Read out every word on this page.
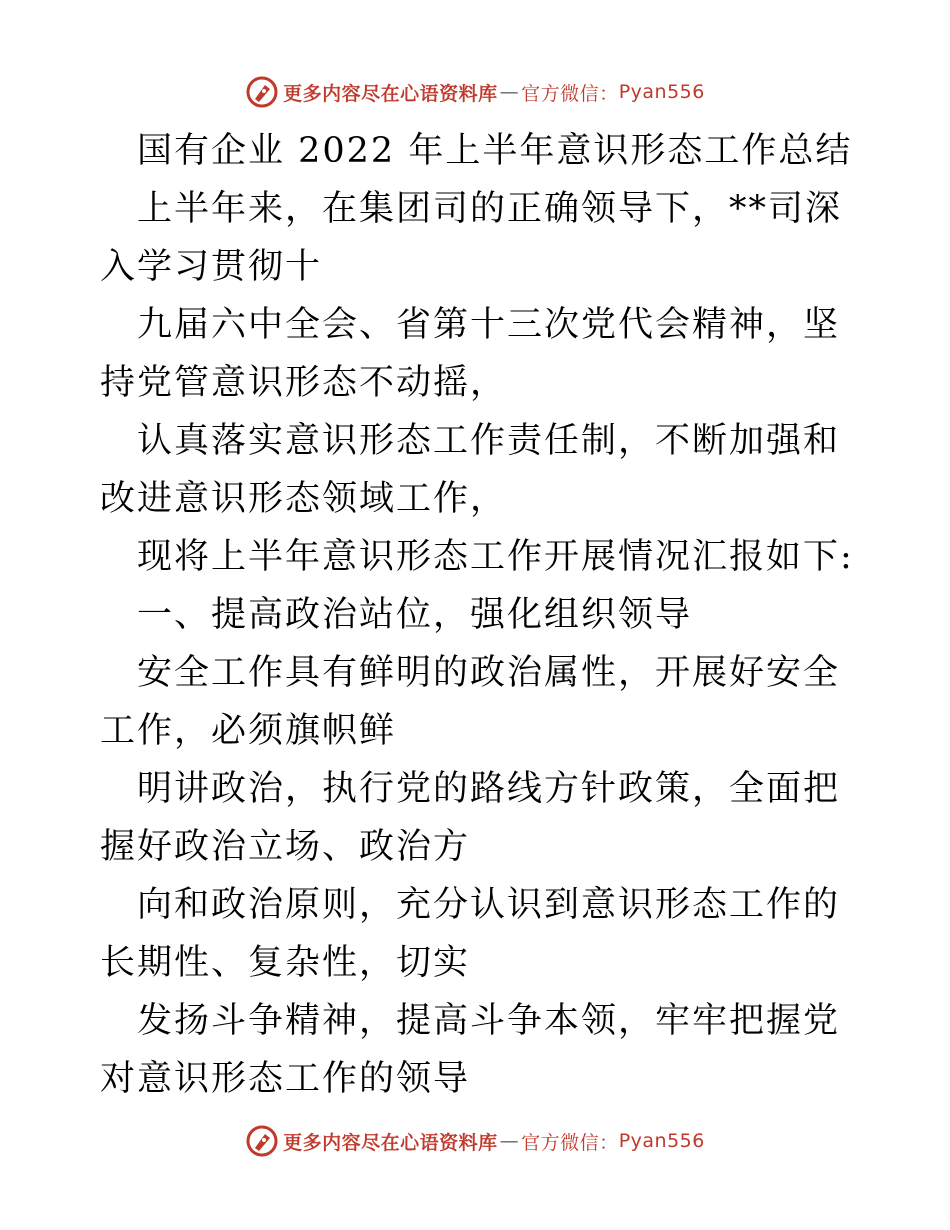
更多内容尽在心语资料库 — 官方微信： Pyan556

国有企业 2022 年上半年意识形态工作总结

上半年来，在集团司的正确领导下，**司深入学习贯彻十

九届六中全会、省第十三次党代会精神，坚持党管意识形态不动摇，

认真落实意识形态工作责任制，不断加强和改进意识形态领域工作，

现将上半年意识形态工作开展情况汇报如下:

一、提高政治站位，强化组织领导

安全工作具有鲜明的政治属性，开展好安全工作，必须旗帜鲜

明讲政治，执行党的路线方针政策，全面把握好政治立场、政治方

向和政治原则，充分认识到意识形态工作的长期性、复杂性，切实

发扬斗争精神，提高斗争本领，牢牢把握党对意识形态工作的领导

更多内容尽在心语资料库 — 官方微信： Pyan556
